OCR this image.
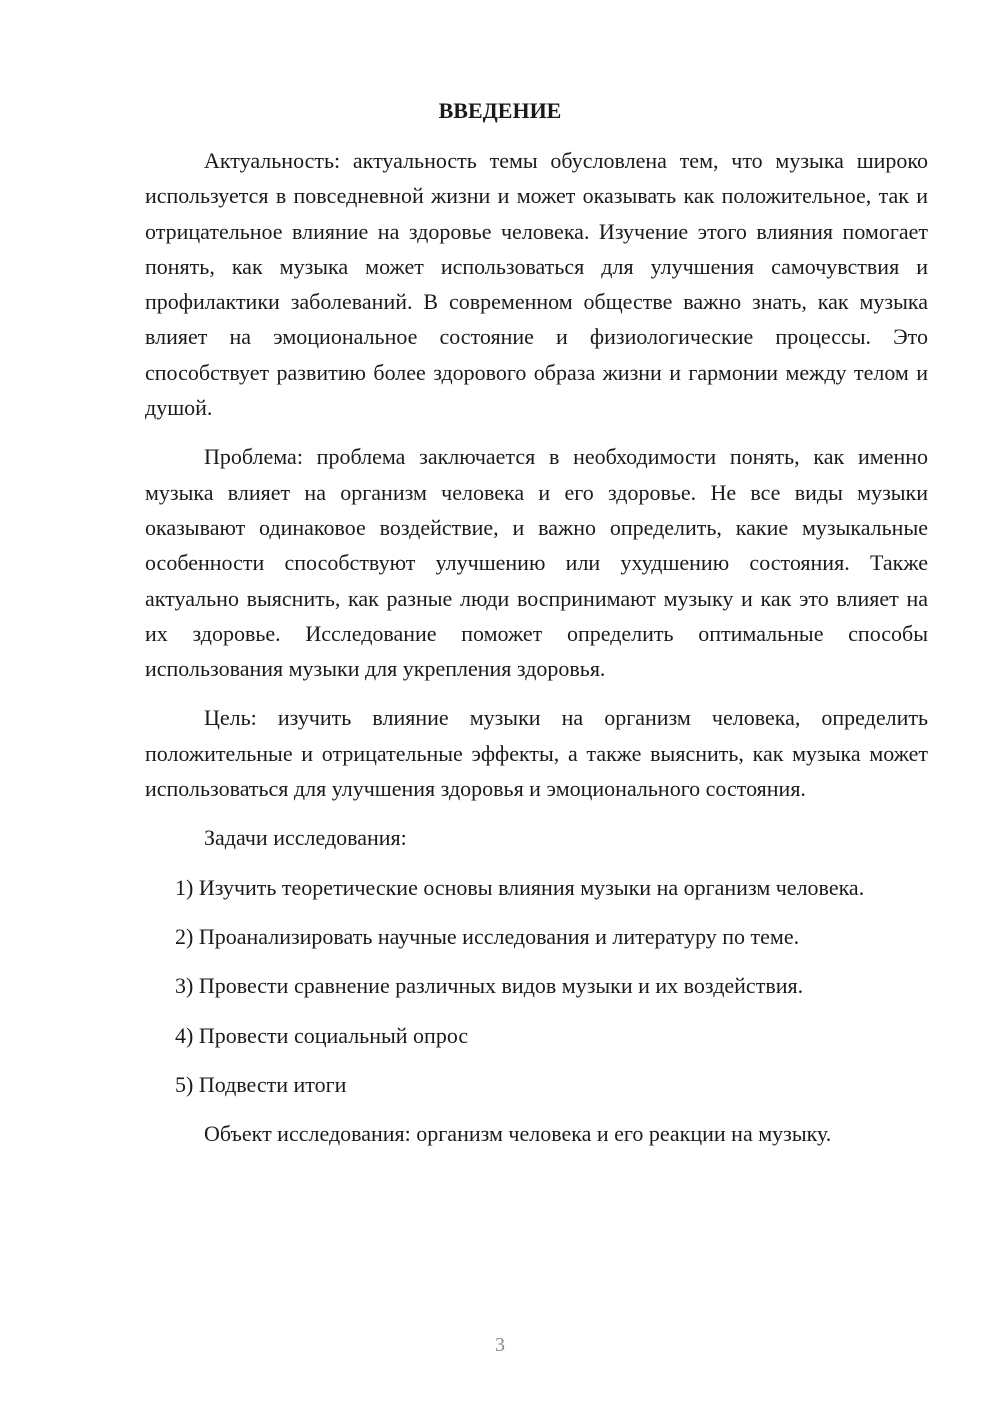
ВВЕДЕНИЕ

Актуальность: актуальность темы обусловлена тем, что музыка широко используется в повседневной жизни и может оказывать как положительное, так и отрицательное влияние на здоровье человека. Изучение этого влияния помогает понять, как музыка может использоваться для улучшения самочувствия и профилактики заболеваний. В современном обществе важно знать, как музыка влияет на эмоциональное состояние и физиологические процессы. Это способствует развитию более здорового образа жизни и гармонии между телом и душой.

Проблема: проблема заключается в необходимости понять, как именно музыка влияет на организм человека и его здоровье. Не все виды музыки оказывают одинаковое воздействие, и важно определить, какие музыкальные особенности способствуют улучшению или ухудшению состояния. Также актуально выяснить, как разные люди воспринимают музыку и как это влияет на их здоровье. Исследование поможет определить оптимальные способы использования музыки для укрепления здоровья.

Цель: изучить влияние музыки на организм человека, определить положительные и отрицательные эффекты, а также выяснить, как музыка может использоваться для улучшения здоровья и эмоционального состояния.

Задачи исследования:

1) Изучить теоретические основы влияния музыки на организм человека.

2) Проанализировать научные исследования и литературу по теме.

3) Провести сравнение различных видов музыки и их воздействия.

4) Провести социальный опрос

5) Подвести итоги

Объект исследования: организм человека и его реакции на музыку.

3
